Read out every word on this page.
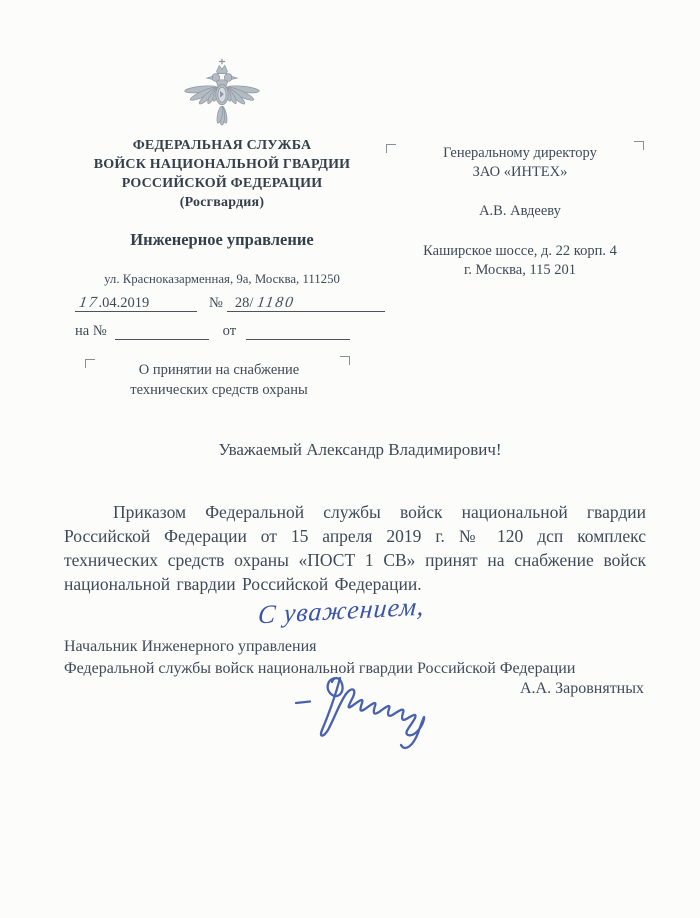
ФЕДЕРАЛЬНАЯ СЛУЖБА
ВОЙСК НАЦИОНАЛЬНОЙ ГВАРДИИ
РОССИЙСКОЙ ФЕДЕРАЦИИ
(Росгвардия)
Инженерное управление
ул. Красноказарменная, 9а, Москва, 111250
17.04.2019	№ 28/ 1180
на №	от
Генеральному директору
ЗАО «ИНТЕХ»
А.В. Авдееву
Каширское шоссе, д. 22 корп. 4
г. Москва, 115 201
О принятии на снабжение
технических средств охраны
Уважаемый Александр Владимирович!
Приказом Федеральной службы войск национальной гвардии Российской Федерации от 15 апреля 2019 г. № 120 дсп комплекс технических средств охраны «ПОСТ 1 СВ» принят на снабжение войск национальной гвардии Российской Федерации.
С уважением,
Начальник Инженерного управления
Федеральной службы войск национальной гвардии Российской Федерации
А.А. Заровнятных
